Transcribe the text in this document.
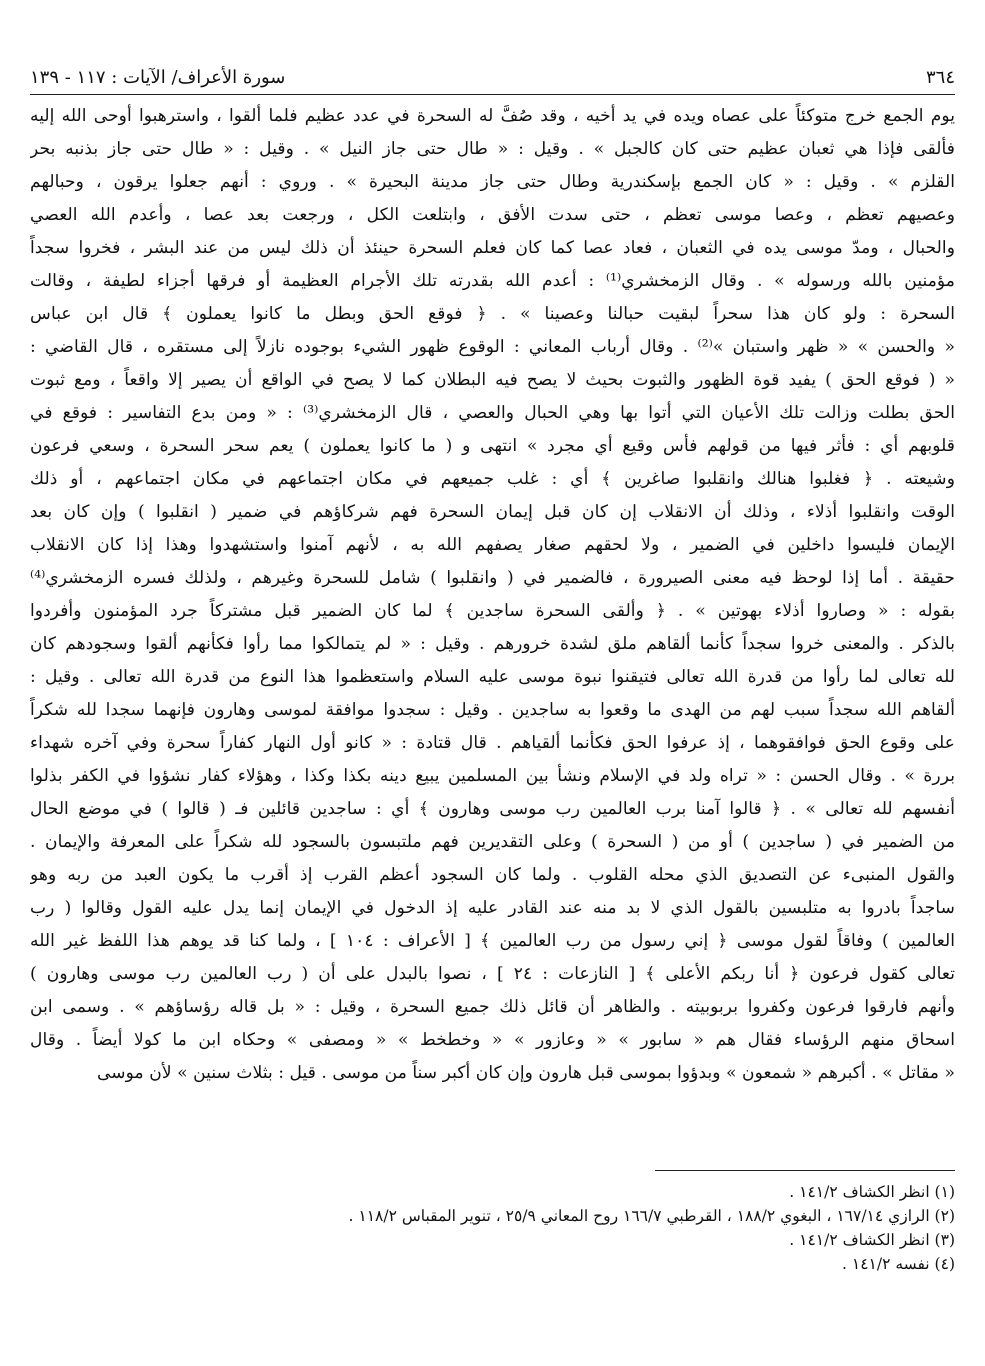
٣٦٤
سورة الأعراف/ الآيات : ١١٧ - ١٣٩
يوم الجمع خرج متوكئاً على عصاه ويده في يد أخيه ، وقد صُفَّ له السحرة في عدد عظيم فلما ألقوا ، واسترهبوا أوحى الله إليه
فألقى فإذا هي ثعبان عظيم حتى كان كالجبل » . وقيل : « طال حتى جاز النيل » . وقيل : « طال حتى جاز بذنبه بحر
القلزم » . وقيل : « كان الجمع بإسكندرية وطال حتى جاز مدينة البحيرة » . وروي : أنهم جعلوا يرقون ، وحبالهم
وعصيهم تعظم ، وعصا موسى تعظم ، حتى سدت الأفق ، وابتلعت الكل ، ورجعت بعد عصا ، وأعدم الله العصي
والحبال ، ومدّ موسى يده في الثعبان ، فعاد عصا كما كان فعلم السحرة حينئذ أن ذلك ليس من عند البشر ، فخروا سجداً
مؤمنين بالله ورسوله » . وقال الزمخشري⁽¹⁾ : أعدم الله بقدرته تلك الأجرام العظيمة أو فرقها أجزاء لطيفة ، وقالت
السحرة : ولو كان هذا سحراً لبقيت حبالنا وعصينا » . ﴿ فوقع الحق وبطل ما كانوا يعملون ﴾ قال ابن عباس
« والحسن » « ظهر واستبان »⁽²⁾ . وقال أرباب المعاني : الوقوع ظهور الشيء بوجوده نازلاً إلى مستقره ، قال القاضي :
« ( فوقع الحق ) يفيد قوة الظهور والثبوت بحيث لا يصح فيه البطلان كما لا يصح في الواقع أن يصير إلا واقعاً ، ومع ثبوت
الحق بطلت وزالت تلك الأعيان التي أتوا بها وهي الحبال والعصي ، قال الزمخشري⁽³⁾ : « ومن بدع التفاسير : فوقع في
قلوبهم أي : فأثر فيها من قولهم فأس وقيع أي مجرد » انتهى و ( ما كانوا يعملون ) يعم سحر السحرة ، وسعي فرعون
وشيعته . ﴿ فغلبوا هنالك وانقلبوا صاغرين ﴾ أي : غلب جميعهم في مكان اجتماعهم في مكان اجتماعهم ، أو ذلك
الوقت وانقلبوا أذلاء ، وذلك أن الانقلاب إن كان قبل إيمان السحرة فهم شركاؤهم في ضمير ( انقلبوا ) وإن كان بعد
الإيمان فليسوا داخلين في الضمير ، ولا لحقهم صغار يصفهم الله به ، لأنهم آمنوا واستشهدوا وهذا إذا كان الانقلاب
حقيقة . أما إذا لوحظ فيه معنى الصيرورة ، فالضمير في ( وانقلبوا ) شامل للسحرة وغيرهم ، ولذلك فسره الزمخشري⁽⁴⁾
بقوله : « وصاروا أذلاء بهوتين » . ﴿ وألقى السحرة ساجدين ﴾ لما كان الضمير قبل مشتركاً جرد المؤمنون وأفردوا
بالذكر . والمعنى خروا سجداً كأنما ألقاهم ملق لشدة خرورهم . وقيل : « لم يتمالكوا مما رأوا فكأنهم ألقوا وسجودهم كان
لله تعالى لما رأوا من قدرة الله تعالى فتيقنوا نبوة موسى عليه السلام واستعظموا هذا النوع من قدرة الله تعالى . وقيل :
ألقاهم الله سجداً سبب لهم من الهدى ما وقعوا به ساجدين . وقيل : سجدوا موافقة لموسى وهارون فإنهما سجدا لله شكراً
على وقوع الحق فوافقوهما ، إذ عرفوا الحق فكأنما ألقياهم . قال قتادة : « كانو أول النهار كفاراً سحرة وفي آخره شهداء
بررة » . وقال الحسن : « تراه ولد في الإسلام ونشأ بين المسلمين يبيع دينه بكذا وكذا ، وهؤلاء كفار نشؤوا في الكفر بذلوا
أنفسهم لله تعالى » . ﴿ قالوا آمنا برب العالمين رب موسى وهارون ﴾ أي : ساجدين قائلين فـ ( قالوا ) في موضع الحال
من الضمير في ( ساجدين ) أو من ( السحرة ) وعلى التقديرين فهم ملتبسون بالسجود لله شكراً على المعرفة والإيمان .
والقول المنبىء عن التصديق الذي محله القلوب . ولما كان السجود أعظم القرب إذ أقرب ما يكون العبد من ربه وهو
ساجداً بادروا به متلبسين بالقول الذي لا بد منه عند القادر عليه إذ الدخول في الإيمان إنما يدل عليه القول وقالوا ( رب
العالمين ) وفاقاً لقول موسى ﴿ إني رسول من رب العالمين ﴾ [ الأعراف : ١٠٤ ] ، ولما كنا قد يوهم هذا اللفظ غير الله
تعالى كقول فرعون ﴿ أنا ربكم الأعلى ﴾ [ النازعات : ٢٤ ] ، نصوا بالبدل على أن ( رب العالمين رب موسى وهارون )
وأنهم فارقوا فرعون وكفروا بربوبيته . والظاهر أن قائل ذلك جميع السحرة ، وقيل : « بل قاله رؤساؤهم » . وسمى ابن
اسحاق منهم الرؤساء فقال هم « سابور » « وعازور » « وخطخط » « ومصفى » وحكاه ابن ما كولا أيضاً . وقال
« مقاتل » . أكبرهم « شمعون » وبدؤوا بموسى قبل هارون وإن كان أكبر سناً من موسى . قيل : بثلاث سنين » لأن موسى
(١) انظر الكشاف ١٤١/٢ .
(٢) الرازي ١٦٧/١٤ ، البغوي ١٨٨/٢ ، القرطبي ١٦٦/٧ روح المعاني ٢٥/٩ ، تنوير المقباس ١١٨/٢ .
(٣) انظر الكشاف ١٤١/٢ .
(٤) نفسه ١٤١/٢ .
